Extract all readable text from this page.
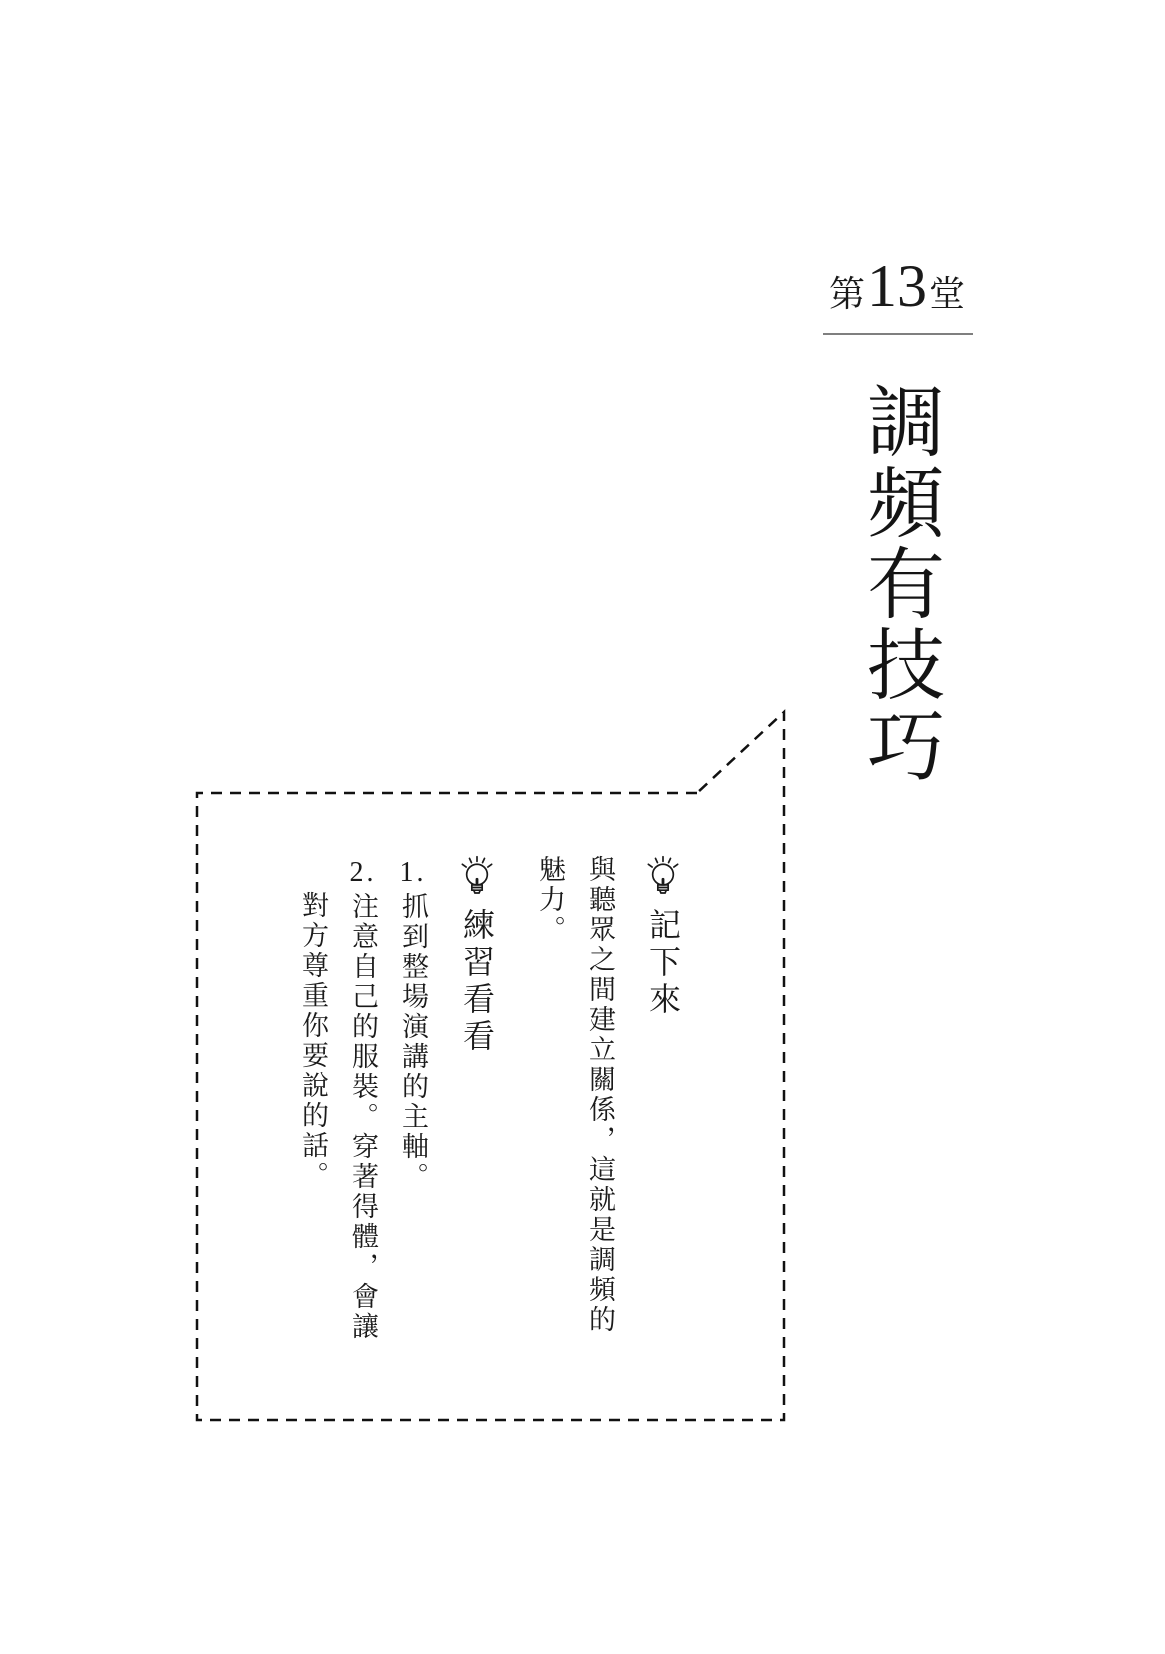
第13堂
調頻有技巧
記下來
與聽眾之間建立關係，這就是調頻的
魅力。
練習看看
1.抓到整場演講的主軸。
2.注意自己的服裝。穿著得體，會讓
對方尊重你要說的話。
